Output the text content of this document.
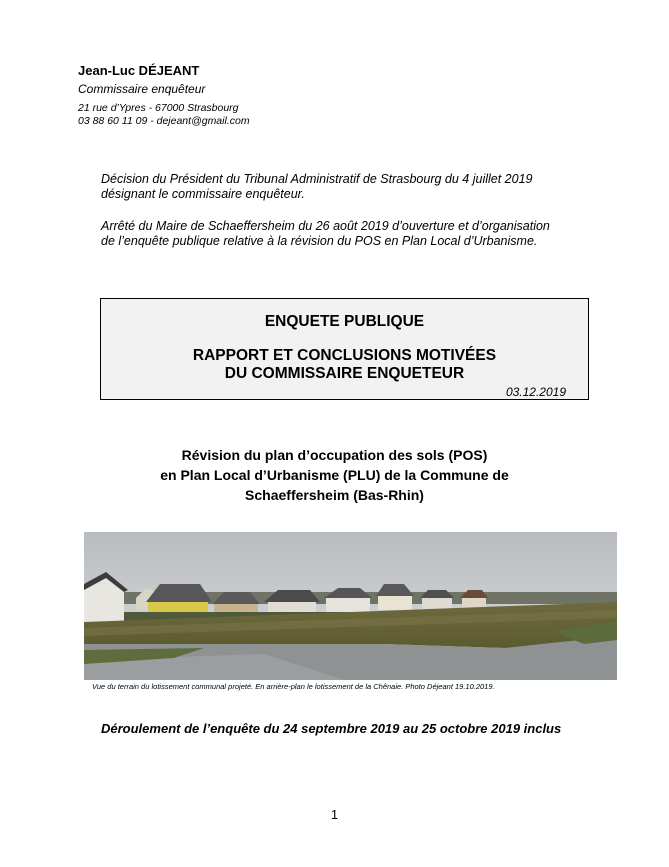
Jean-Luc DÉJEANT
Commissaire enquêteur
21 rue d’Ypres - 67000 Strasbourg
03 88 60 11 09 - dejeant@gmail.com
Décision du Président du Tribunal Administratif de Strasbourg du 4 juillet 2019
désignant le commissaire enquêteur.
Arrêté du Maire de Schaeffersheim du 26 août 2019 d’ouverture et d’organisation
de l’enquête publique relative à la révision du POS en Plan Local d’Urbanisme.
ENQUETE PUBLIQUE
RAPPORT ET CONCLUSIONS MOTIVÉES
DU COMMISSAIRE ENQUETEUR
03.12.2019
Révision du plan d’occupation des sols (POS)
en Plan Local d’Urbanisme (PLU) de la Commune de
Schaeffersheim (Bas-Rhin)
Vue du terrain du lotissement communal projeté. En arrière-plan le lotissement de la Chênaie. Photo Déjeant 19.10.2019.
Déroulement de l’enquête du 24 septembre 2019 au 25 octobre 2019 inclus
1
